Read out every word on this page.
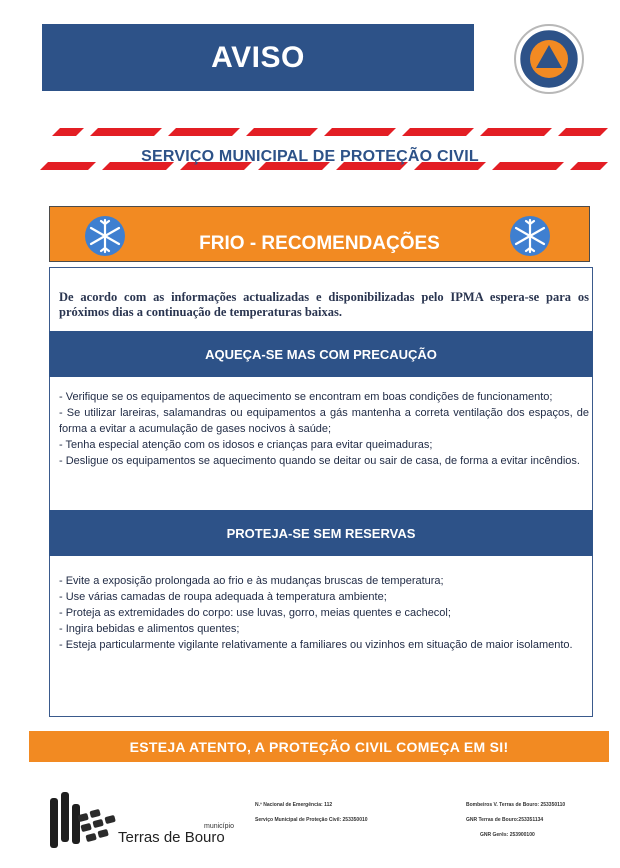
AVISO
SERVIÇO MUNICIPAL DE PROTEÇÃO CIVIL
FRIO - RECOMENDAÇÕES
De acordo com as informações actualizadas e disponibilizadas pelo IPMA espera-se para os próximos dias a continuação de temperaturas baixas.
AQUEÇA-SE MAS COM PRECAUÇÃO
- Verifique se os equipamentos de aquecimento se encontram em boas condições de funcionamento;
- Se utilizar lareiras, salamandras ou equipamentos a gás mantenha a correta ventilação dos espaços, de forma a evitar a acumulação de gases nocivos à saúde;
- Tenha especial atenção com os idosos e crianças para evitar queimaduras;
- Desligue os equipamentos se aquecimento quando se deitar ou sair de casa, de forma a evitar incêndios.
PROTEJA-SE SEM RESERVAS
- Evite a exposição prolongada ao frio e às mudanças bruscas de temperatura;
- Use várias camadas de roupa adequada à temperatura ambiente;
- Proteja as extremidades do corpo: use luvas, gorro, meias quentes e cachecol;
- Ingira bebidas e alimentos quentes;
- Esteja particularmente vigilante relativamente a familiares ou vizinhos em situação de maior isolamento.
ESTEJA ATENTO, A PROTEÇÃO CIVIL COMEÇA EM SI!
município
Terras de Bouro
N.º Nacional de Emergência: 112
Serviço Municipal de Proteção Civil: 253350010
Bombeiros V. Terras de Bouro: 253350110
GNR Terras de Bouro:253351134
GNR Gerês: 253900100
